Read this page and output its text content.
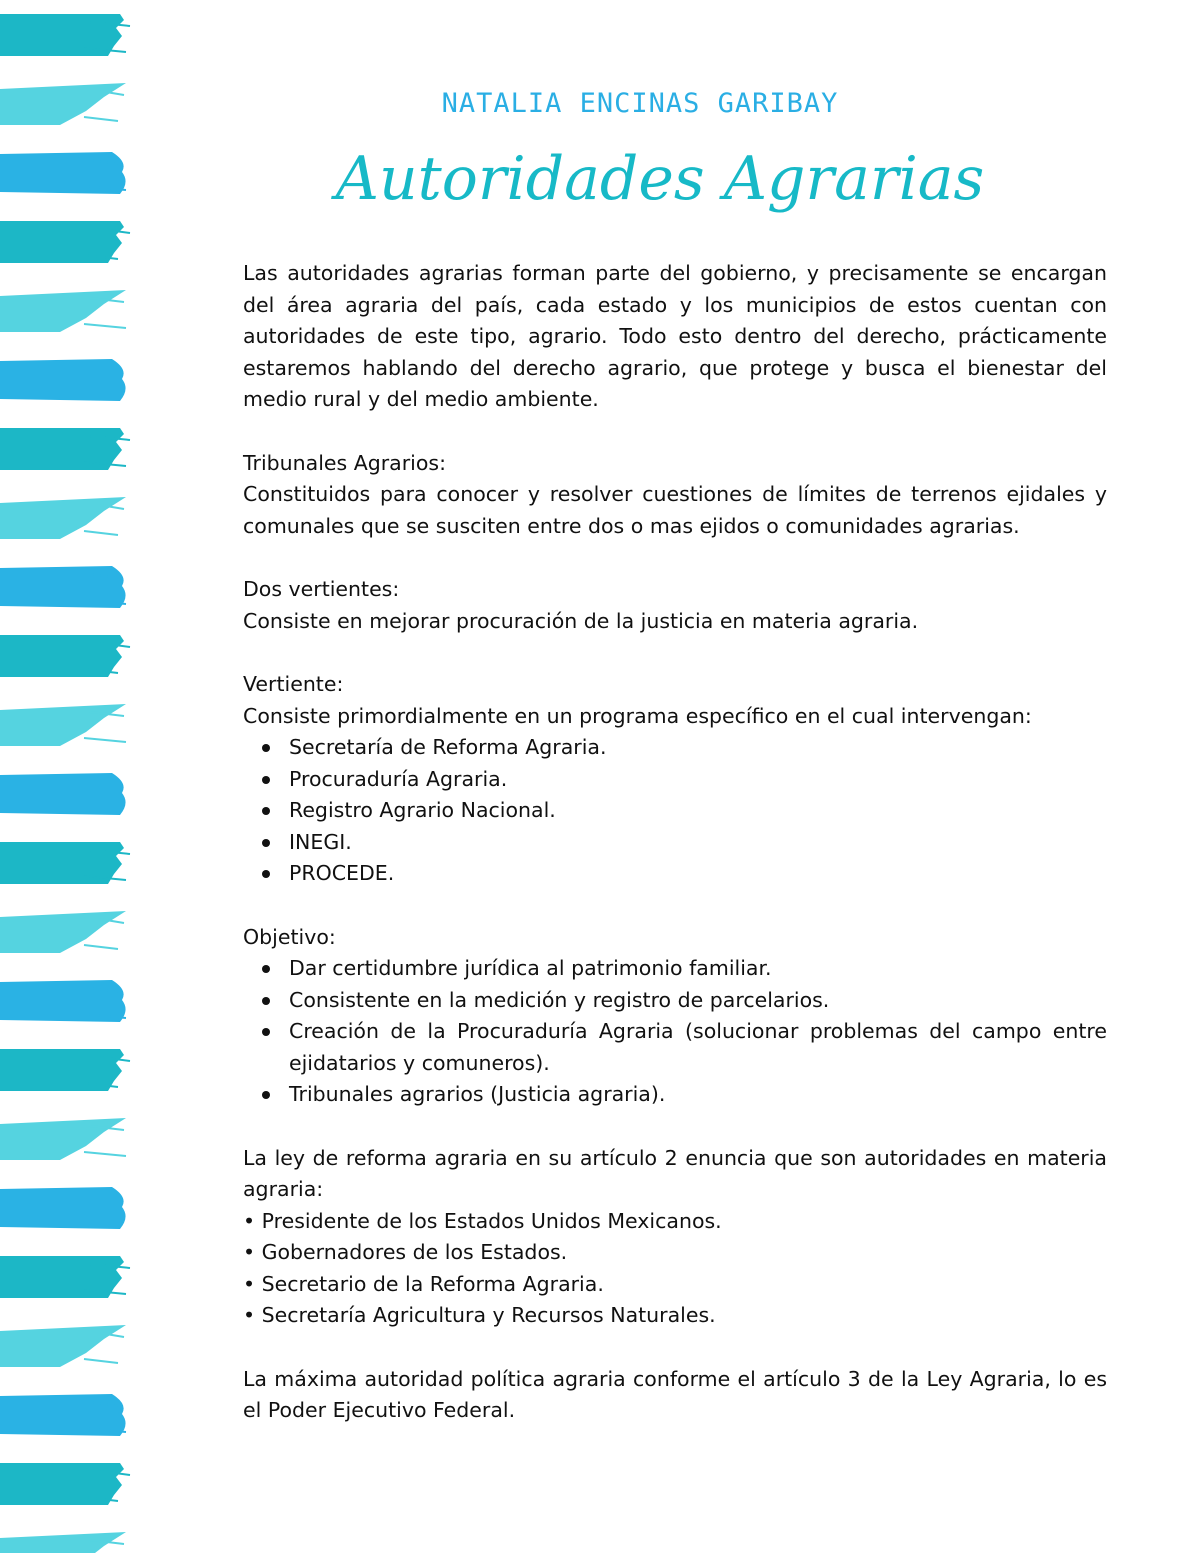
NATALIA ENCINAS GARIBAY
Autoridades Agrarias

Las autoridades agrarias forman parte del gobierno, y precisamente se encargan del área agraria del país, cada estado y los municipios de estos cuentan con autoridades de este tipo, agrario. Todo esto dentro del derecho, prácticamente estaremos hablando del derecho agrario, que protege y busca el bienestar del medio rural y del medio ambiente.

Tribunales Agrarios:

Constituidos para conocer y resolver cuestiones de límites de terrenos ejidales y comunales que se susciten entre dos o mas ejidos o comunidades agrarias.

Dos vertientes:

Consiste en mejorar procuración de la justicia en materia agraria.

Vertiente:

Consiste primordialmente en un programa específico en el cual intervengan:

Secretaría de Reforma Agraria.
Procuraduría Agraria.
Registro Agrario Nacional.
INEGI.
PROCEDE.

Objetivo:

Dar certidumbre jurídica al patrimonio familiar.
Consistente en la medición y registro de parcelarios.
Creación de la Procuraduría Agraria (solucionar problemas del campo entre ejidatarios y comuneros).
Tribunales agrarios (Justicia agraria).

La ley de reforma agraria en su artículo 2 enuncia que son autoridades en materia agraria:

• Presidente de los Estados Unidos Mexicanos.
• Gobernadores de los Estados.
• Secretario de la Reforma Agraria.
• Secretaría Agricultura y Recursos Naturales.

La máxima autoridad política agraria conforme el artículo 3 de la Ley Agraria, lo es el Poder Ejecutivo Federal.
